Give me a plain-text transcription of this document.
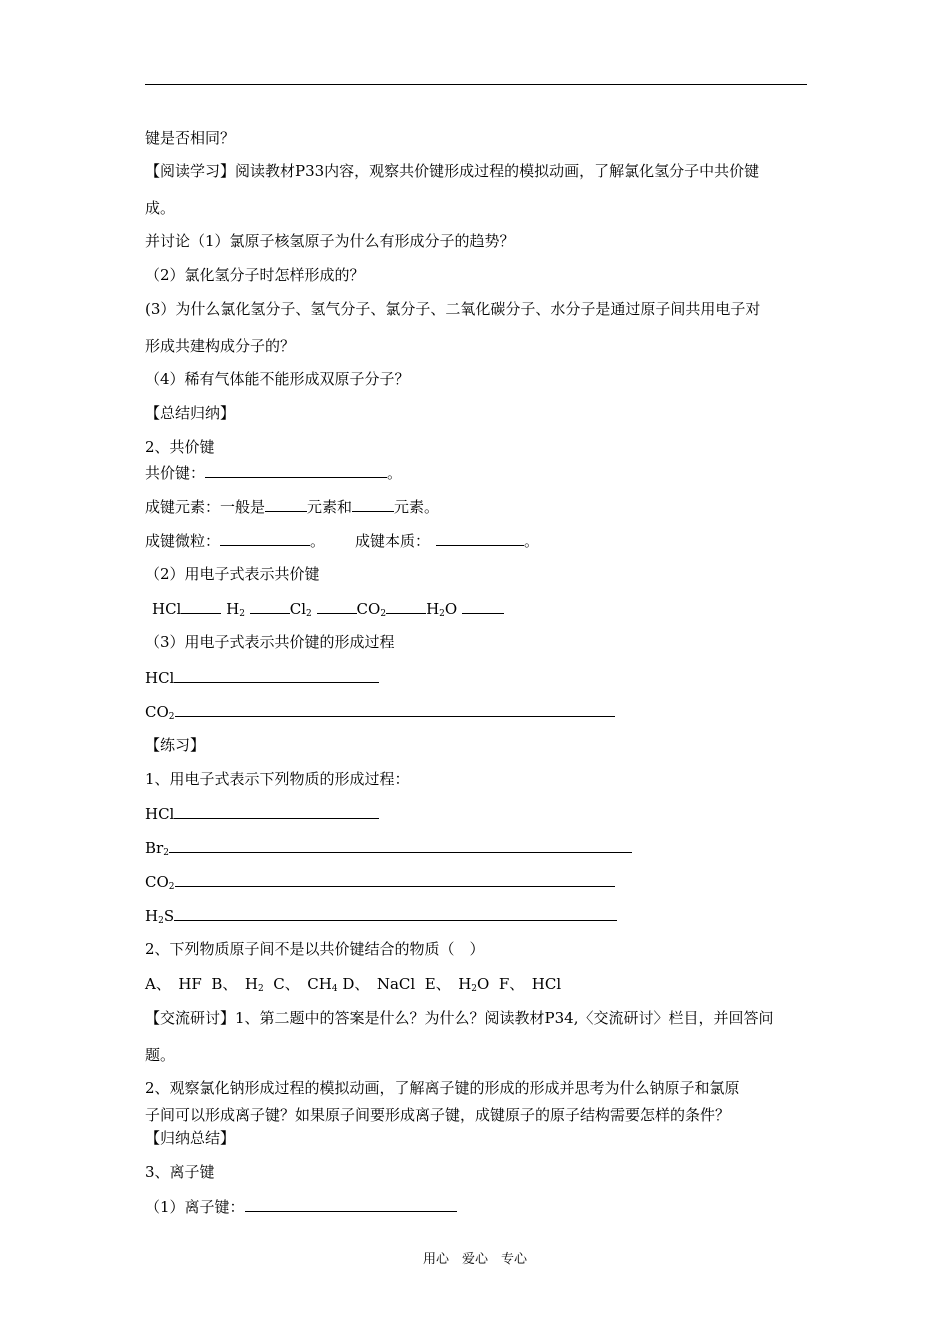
键是否相同？
【阅读学习】阅读教材P33内容，观察共价键形成过程的模拟动画，了解氯化氢分子中共价键
成。
并讨论（1）氯原子核氢原子为什么有形成分子的趋势？
（2）氯化氢分子时怎样形成的？
(3）为什么氯化氢分子、氢气分子、氯分子、二氧化碳分子、水分子是通过原子间共用电子对
形成共建构成分子的？
（4）稀有气体能不能形成双原子分子？
【总结归纳】
2、共价键
共价键：	。
成键元素：一般是	元素和	元素。
成键微粒：	。 成键本质：	。
（2）用电子式表示共价键
HCl	$H_2$	$Cl_2$	$CO_2$	$H_2O$
（3）用电子式表示共价键的形成过程
HCl
$CO_2$
【练习】
1、用电子式表示下列物质的形成过程：
HCl
$Br_2$
$CO_2$
$H_2S$
2、下列物质原子间不是以共价键结合的物质（　）
A、　HF B、　$H_2$ C、　$CH_4$ D、　NaCl E、　$H_2O$ F、　HCl
【交流研讨】1、第二题中的答案是什么？为什么？阅读教材P34,〈交流研讨〉栏目，并回答问
题。
2、观察氯化钠形成过程的模拟动画，了解离子键的形成的形成并思考为什么钠原子和氯原
子间可以形成离子键？如果原子间要形成离子键，成键原子的原子结构需要怎样的条件？
【归纳总结】
3、离子键
（1）离子键：
用心　爱心　专心
